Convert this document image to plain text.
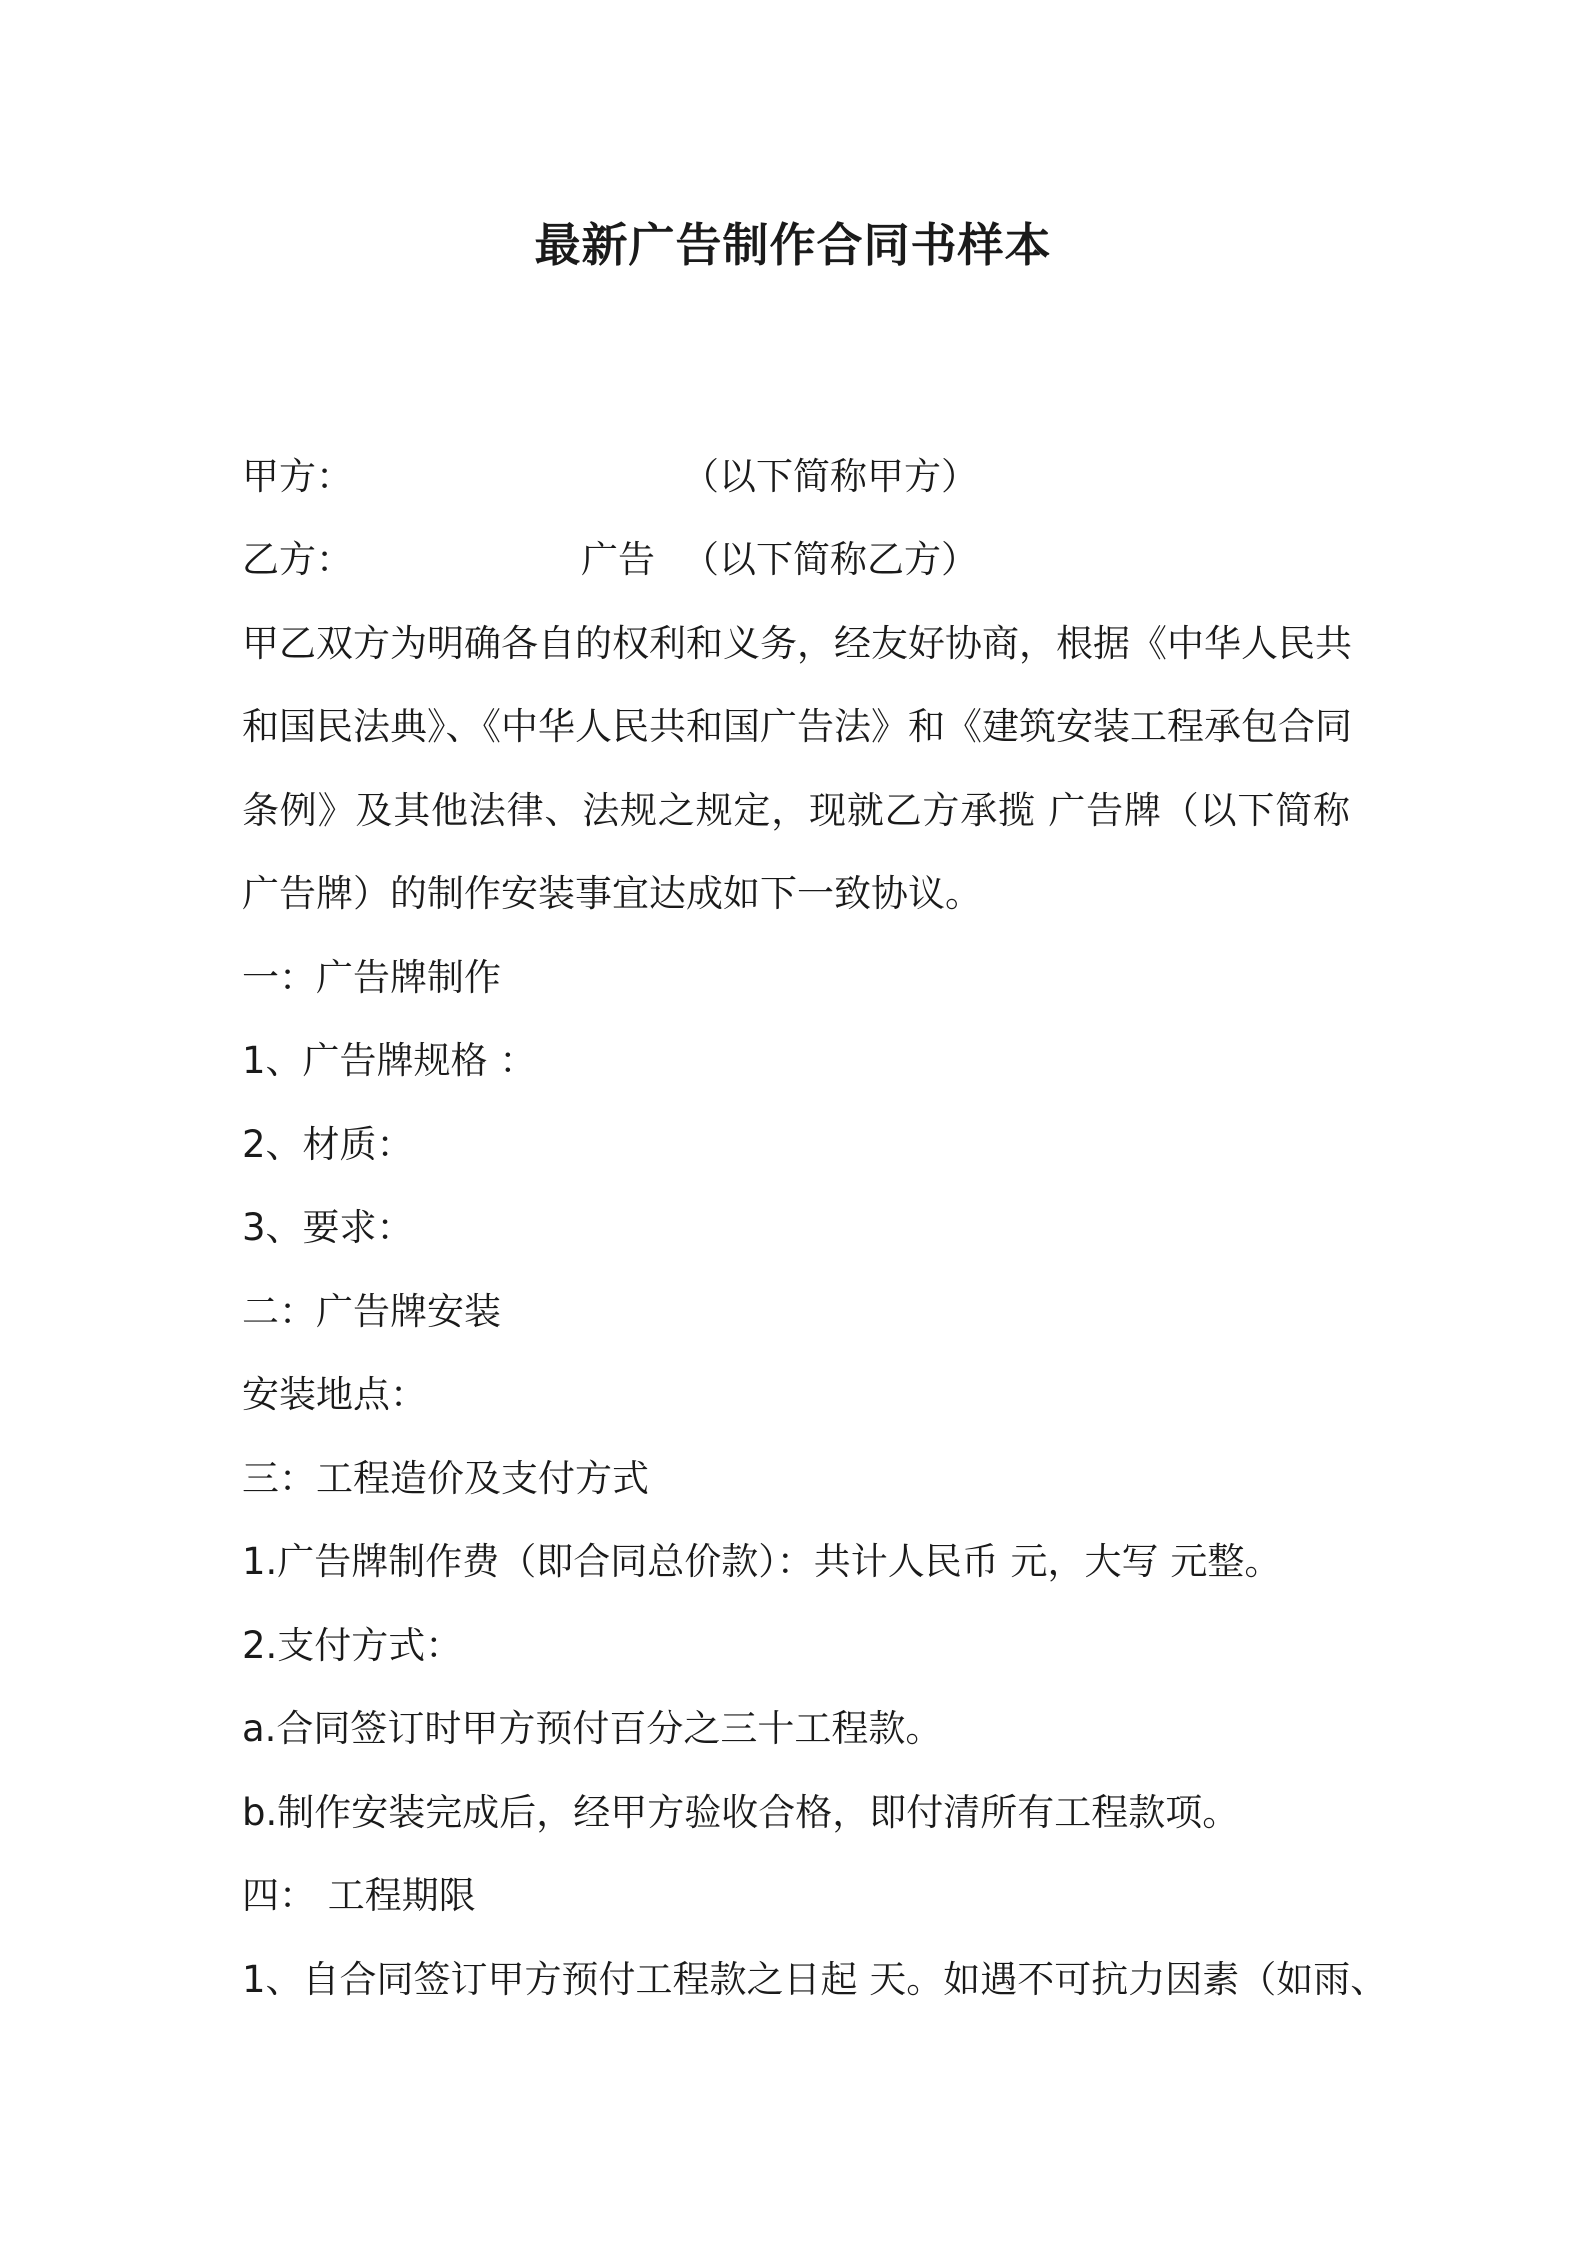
最新广告制作合同书样本
甲方：	（以下简称甲方）
乙方：	广告 （以下简称乙方）
甲乙双方为明确各自的权利和义务，经友好协商，根据《中华人民共
和国民法典》、《中华人民共和国广告法》和《建筑安装工程承包合同
条例》及其他法律、法规之规定，现就乙方承揽 广告牌（以下简称
广告牌）的制作安装事宜达成如下一致协议。
一：广告牌制作
1、广告牌规格 ：
2、材质：
3、要求：
二：广告牌安装
安装地点：
三：工程造价及支付方式
1.广告牌制作费（即合同总价款）：共计人民币 元，大写 元整。
2.支付方式：
a.合同签订时甲方预付百分之三十工程款。
b.制作安装完成后，经甲方验收合格，即付清所有工程款项。
四： 工程期限
1、自合同签订甲方预付工程款之日起 天。如遇不可抗力因素（如雨、
